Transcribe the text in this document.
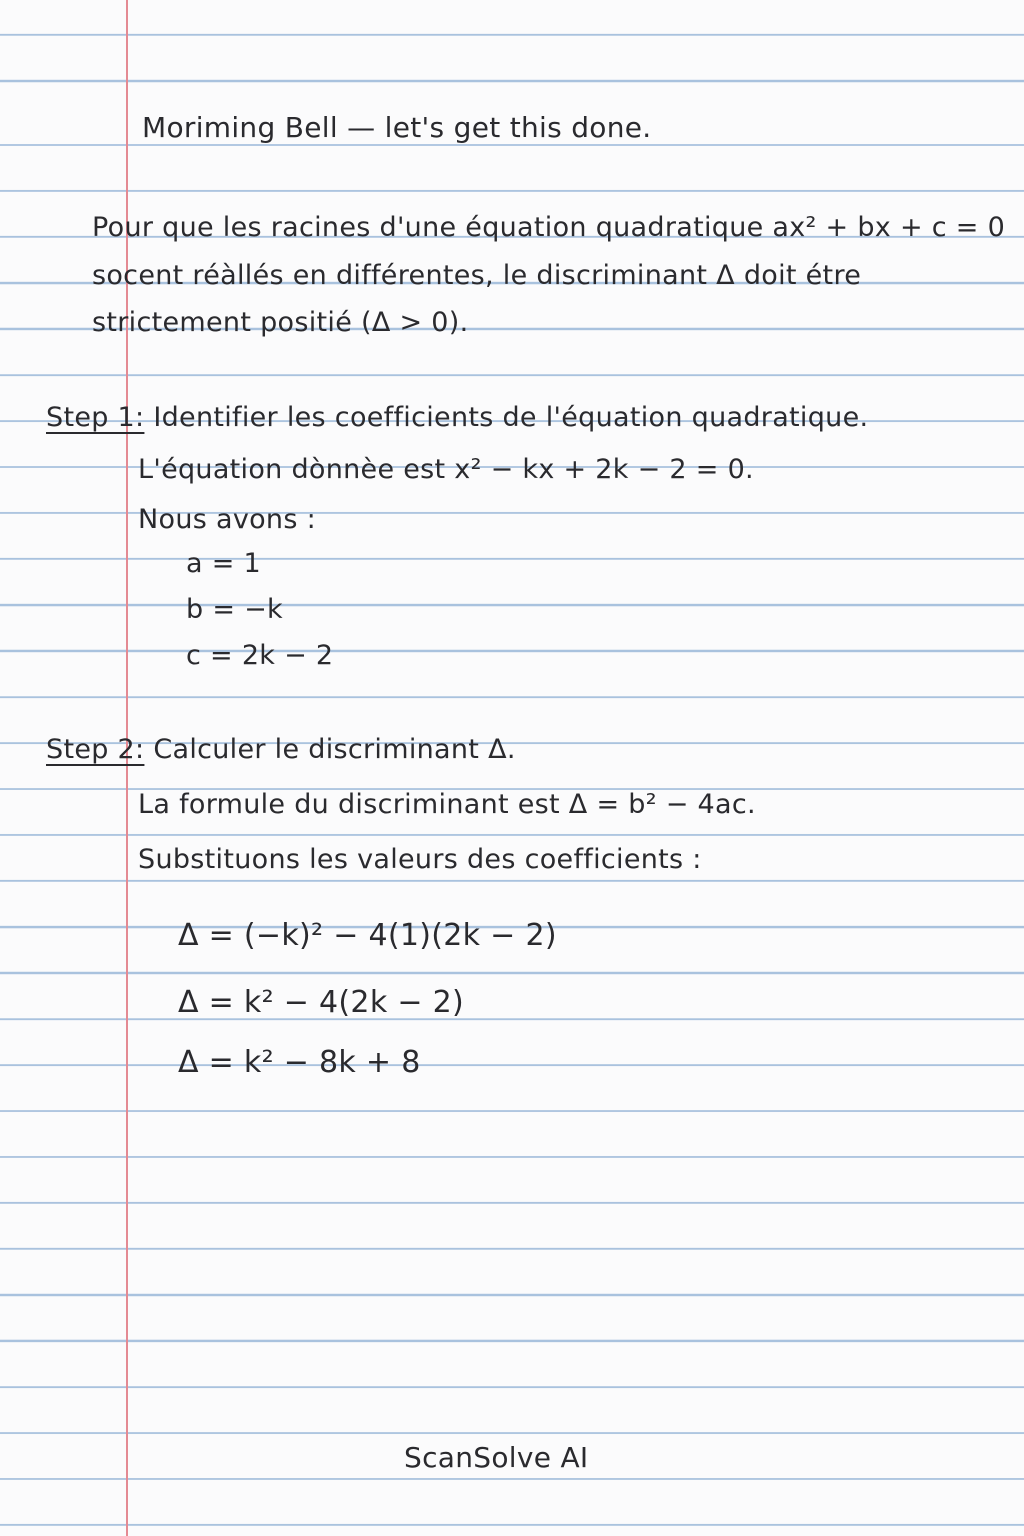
Moriming Bell — let's get this done.
Pour que les racines d'une équation quadratique ax² + bx + c = 0
socent réàllés en différentes, le discriminant Δ doit étre
strictement positié (Δ > 0).
Step 1: Identifier les coefficients de l'équation quadratique.
L'équation dònnèe est x² − kx + 2k − 2 = 0.
Nous avons :
a = 1
b = −k
c = 2k − 2
Step 2: Calculer le discriminant Δ.
La formule du discriminant est Δ = b² − 4ac.
Substituons les valeurs des coefficients :
Δ = (−k)² − 4(1)(2k − 2)
Δ = k² − 4(2k − 2)
Δ = k² − 8k + 8
ScanSolve AI
